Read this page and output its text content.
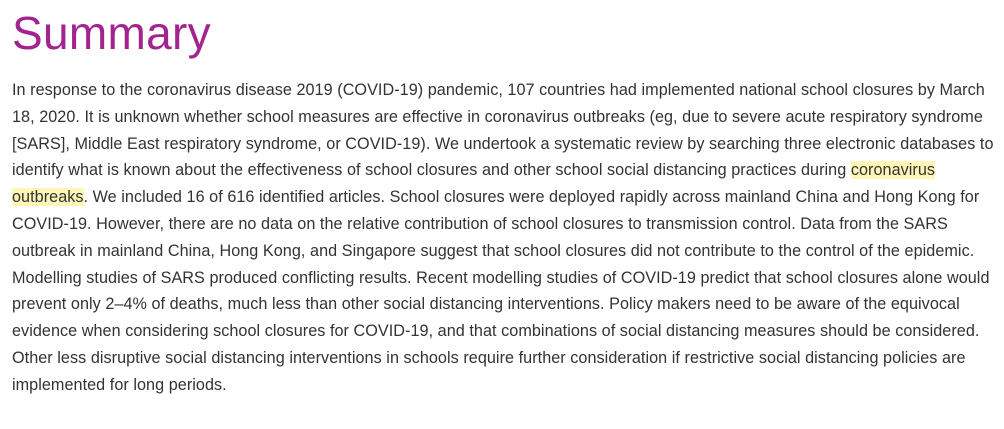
Summary

In response to the coronavirus disease 2019 (COVID-19) pandemic, 107 countries had implemented national school closures by March 18, 2020. It is unknown whether school measures are effective in coronavirus outbreaks (eg, due to severe acute respiratory syndrome [SARS], Middle East respiratory syndrome, or COVID-19). We undertook a systematic review by searching three electronic databases to identify what is known about the effectiveness of school closures and other school social distancing practices during coronavirus outbreaks. We included 16 of 616 identified articles. School closures were deployed rapidly across mainland China and Hong Kong for COVID-19. However, there are no data on the relative contribution of school closures to transmission control. Data from the SARS outbreak in mainland China, Hong Kong, and Singapore suggest that school closures did not contribute to the control of the epidemic. Modelling studies of SARS produced conflicting results. Recent modelling studies of COVID-19 predict that school closures alone would prevent only 2–4% of deaths, much less than other social distancing interventions. Policy makers need to be aware of the equivocal evidence when considering school closures for COVID-19, and that combinations of social distancing measures should be considered. Other less disruptive social distancing interventions in schools require further consideration if restrictive social distancing policies are implemented for long periods.
